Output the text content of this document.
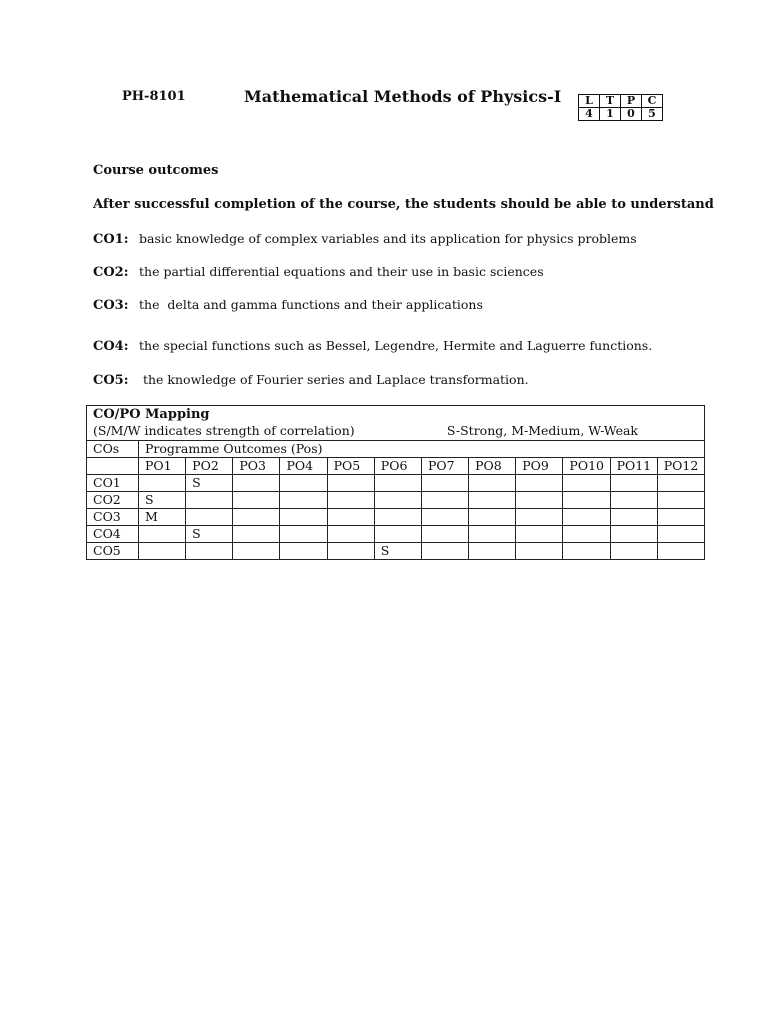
PH-8101	Mathematical Methods of Physics-I L	T	P	C
4	1	0	5
Course outcomes
After successful completion of the course, the students should be able to understand
CO1: basic knowledge of complex variables and its application for physics problems
CO2: the partial differential equations and their use in basic sciences
CO3: the  delta and gamma functions and their applications
CO4: the special functions such as Bessel, Legendre, Hermite and Laguerre functions.
CO5: the knowledge of Fourier series and Laplace transformation.
CO/PO Mapping
(S/M/W indicates strength of correlation) S-Strong, M-Medium, W-Weak												

COs	Programme Outcomes (Pos)											
	PO1	PO2	PO3	PO4	PO5	PO6	PO7	PO8	PO9	PO10	PO11	PO12
CO1		S										
CO2	S											
CO3	M											
CO4		S										
CO5						S						
